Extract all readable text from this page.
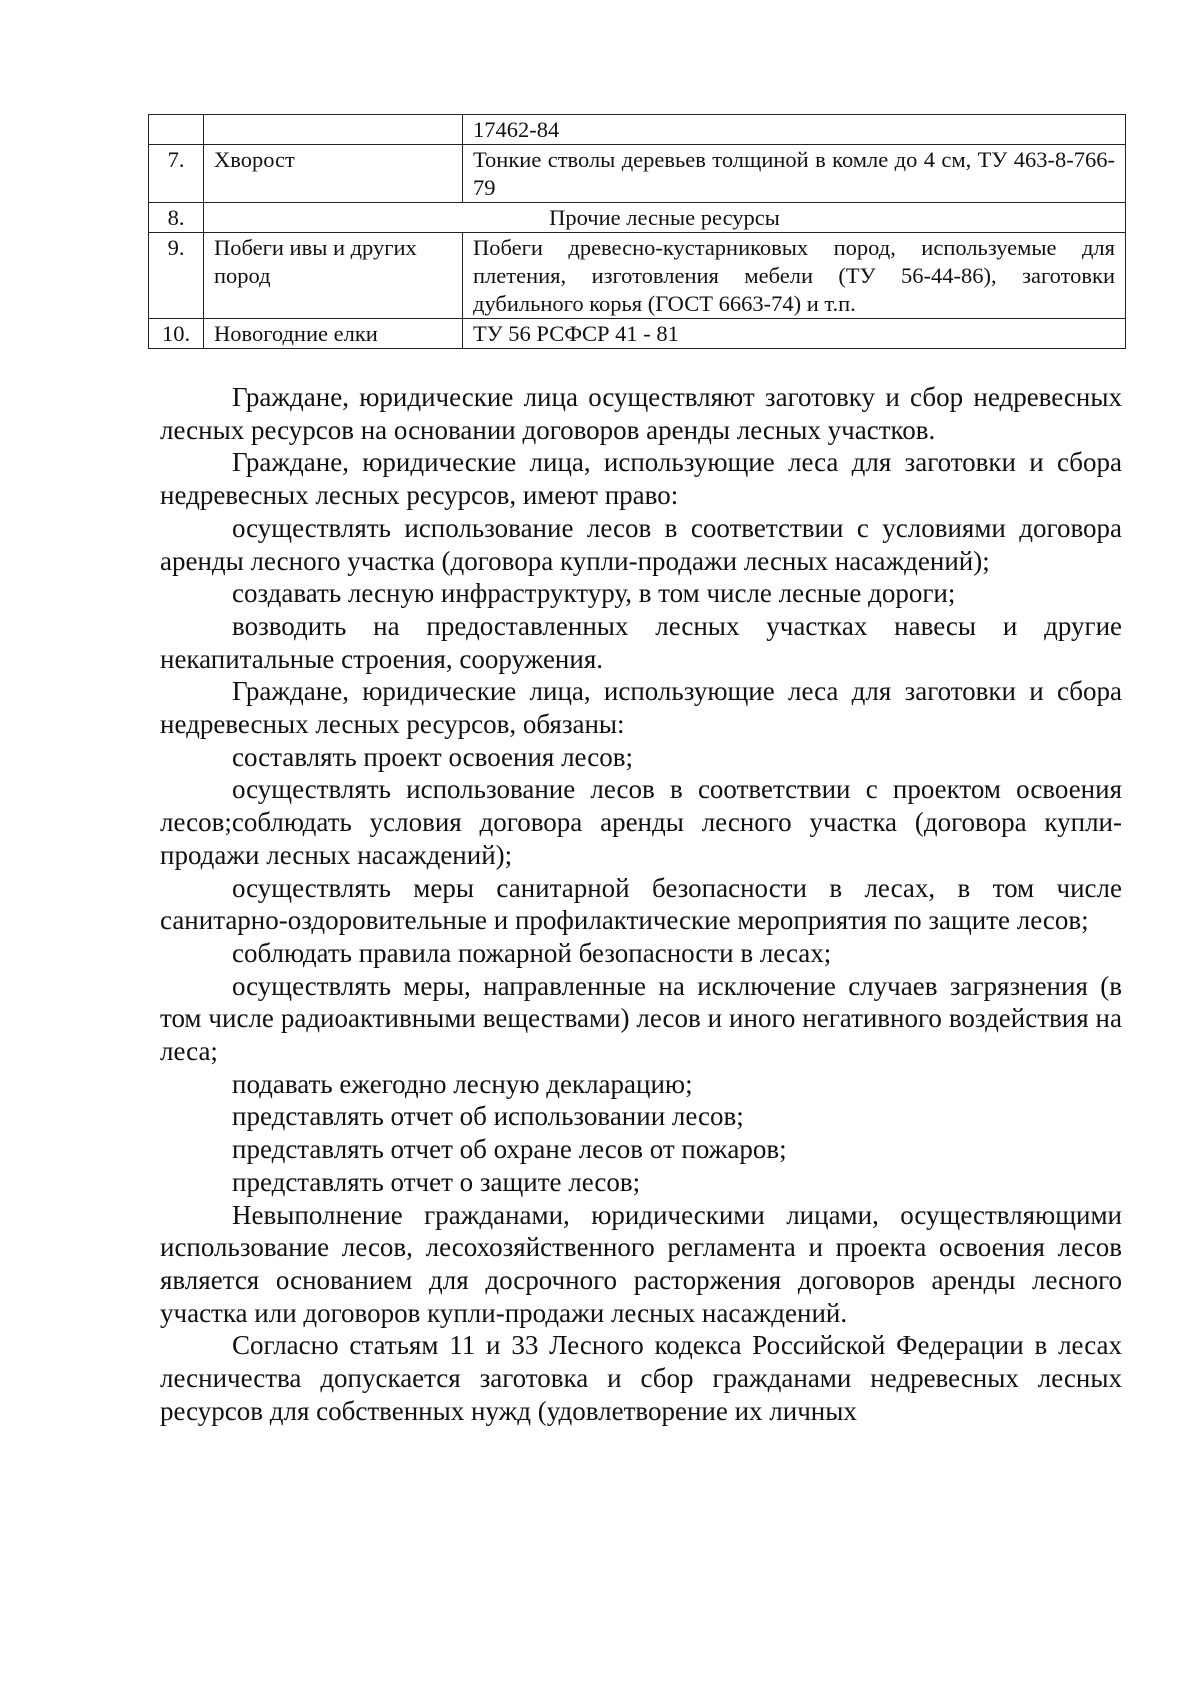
		17462-84
7.	Хворост	Тонкие стволы деревьев толщиной в комле до 4 см, ТУ 463-8-766-79
8.	Прочие лесные ресурсы	
9.	Побеги ивы и других пород	Побеги древесно-кустарниковых пород, используемые для плетения, изготовления мебели (ТУ 56-44-86), заготовки дубильного корья (ГОСТ 6663-74) и т.п.
10.	Новогодние елки	ТУ 56 РСФСР 41 - 81

Граждане, юридические лица осуществляют заготовку и сбор недревесных лесных ресурсов на основании договоров аренды лесных участков.

Граждане, юридические лица, использующие леса для заготовки и сбора недревесных лесных ресурсов, имеют право:

осуществлять использование лесов в соответствии с условиями договора аренды лесного участка (договора купли-продажи лесных насаждений);

создавать лесную инфраструктуру, в том числе лесные дороги;

возводить на предоставленных лесных участках навесы и другие некапитальные строения, сооружения.

Граждане, юридические лица, использующие леса для заготовки и сбора недревесных лесных ресурсов, обязаны:

составлять проект освоения лесов;

осуществлять использование лесов в соответствии с проектом освоения лесов;соблюдать условия договора аренды лесного участка (договора купли-продажи лесных насаждений);

осуществлять меры санитарной безопасности в лесах, в том числе санитарно-оздоровительные и профилактические мероприятия по защите лесов;

соблюдать правила пожарной безопасности в лесах;

осуществлять меры, направленные на исключение случаев загрязнения (в том числе радиоактивными веществами) лесов и иного негативного воздействия на леса;

подавать ежегодно лесную декларацию;

представлять отчет об использовании лесов;

представлять отчет об охране лесов от пожаров;

представлять отчет о защите лесов;

Невыполнение гражданами, юридическими лицами, осуществляющими использование лесов, лесохозяйственного регламента и проекта освоения лесов является основанием для досрочного расторжения договоров аренды лесного участка или договоров купли-продажи лесных насаждений.

Согласно статьям 11 и 33 Лесного кодекса Российской Федерации в лесах лесничества допускается заготовка и сбор гражданами недревесных лесных ресурсов для собственных нужд (удовлетворение их личных
